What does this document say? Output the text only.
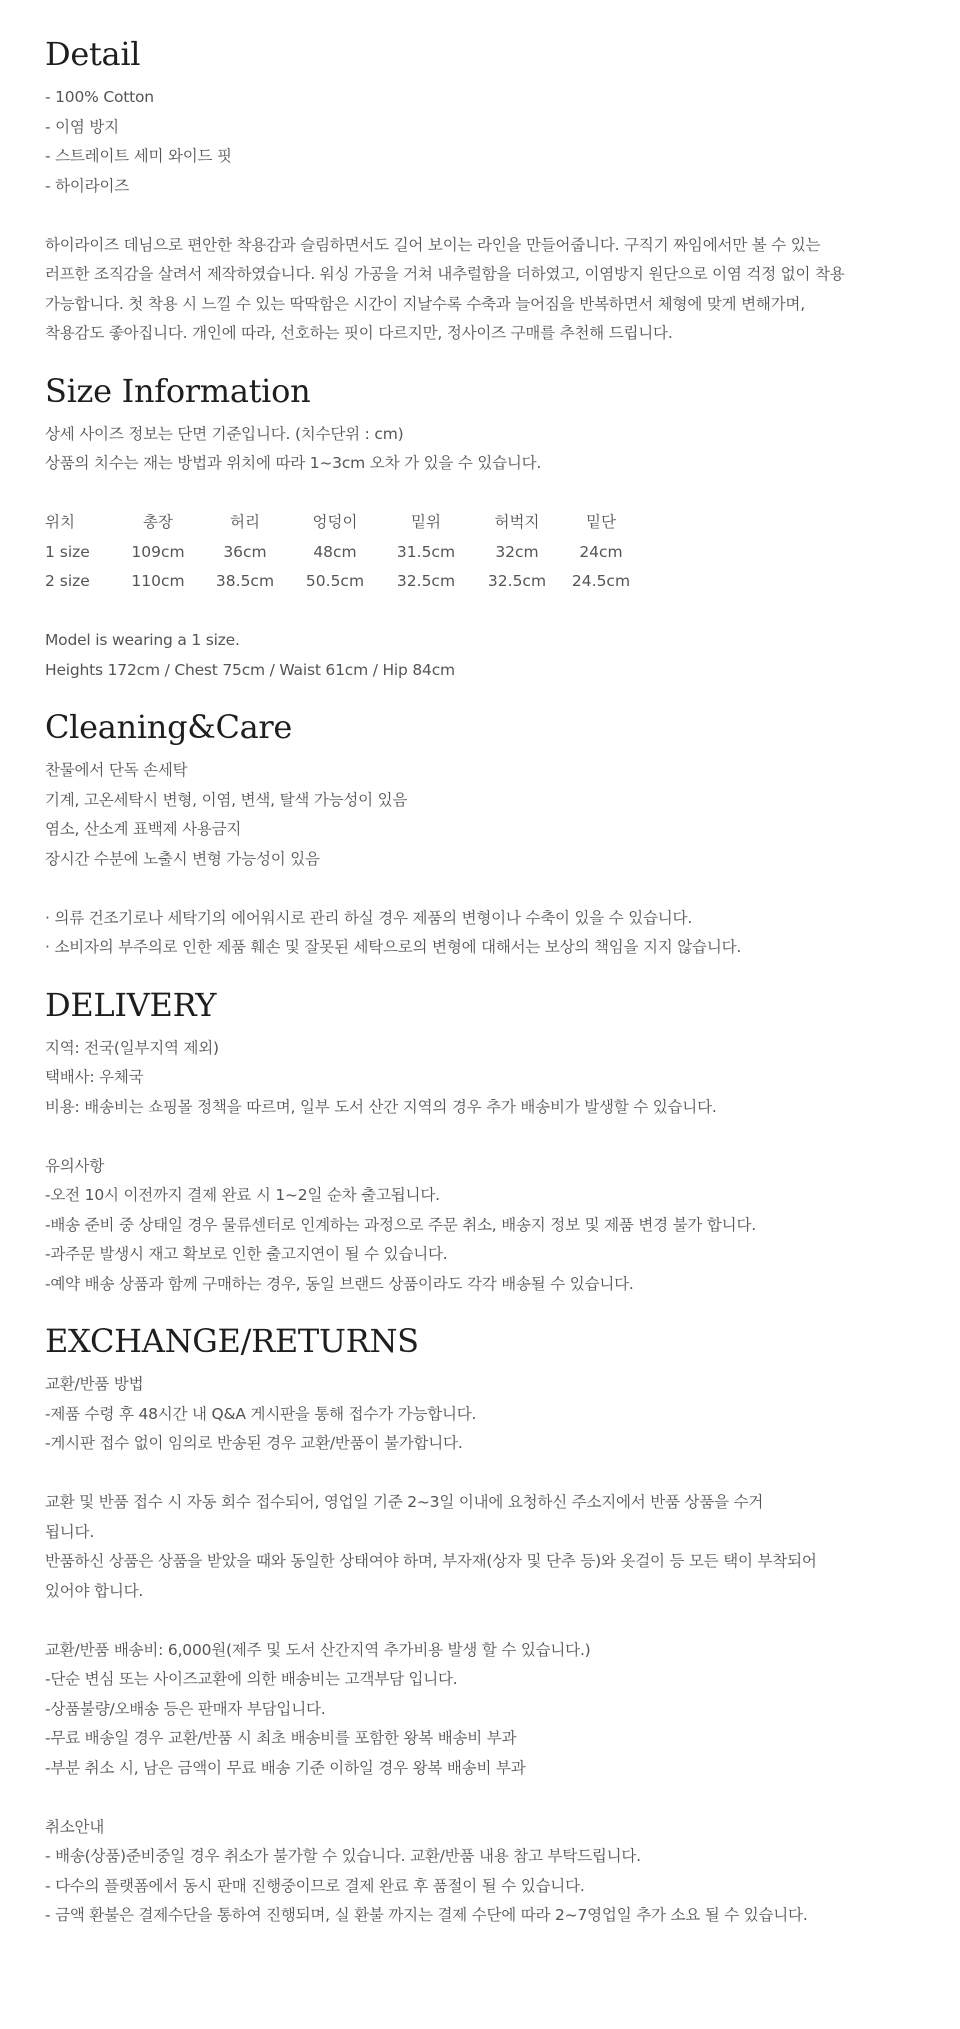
Detail
- 100% Cotton
- 이염 방지
- 스트레이트 세미 와이드 핏
- 하이라이즈
하이라이즈 데님으로 편안한 착용감과 슬림하면서도 길어 보이는 라인을 만들어줍니다. 구직기 짜임에서만 볼 수 있는
러프한 조직감을 살려서 제작하였습니다. 워싱 가공을 거쳐 내추럴함을 더하였고, 이염방지 원단으로 이염 걱정 없이 착용
가능합니다. 첫 착용 시 느낄 수 있는 딱딱함은 시간이 지날수록 수축과 늘어짐을 반복하면서 체형에 맞게 변해가며,
착용감도 좋아집니다. 개인에 따라, 선호하는 핏이 다르지만, 정사이즈 구매를 추천해 드립니다.
Size Information
상세 사이즈 정보는 단면 기준입니다. (치수단위 : cm)
상품의 치수는 재는 방법과 위치에 따라 1~3cm 오차 가 있을 수 있습니다.
위치	총장	허리	엉덩이	밑위	허벅지	밑단
1 size	109cm	36cm	48cm	31.5cm	32cm	24cm
2 size	110cm	38.5cm	50.5cm	32.5cm	32.5cm	24.5cm
Model is wearing a 1 size.
Heights 172cm / Chest 75cm / Waist 61cm / Hip 84cm
Cleaning&Care
찬물에서 단독 손세탁
기계, 고온세탁시 변형, 이염, 변색, 탈색 가능성이 있음
염소, 산소계 표백제 사용금지
장시간 수분에 노출시 변형 가능성이 있음
· 의류 건조기로나 세탁기의 에어워시로 관리 하실 경우 제품의 변형이나 수축이 있을 수 있습니다.
· 소비자의 부주의로 인한 제품 훼손 및 잘못된 세탁으로의 변형에 대해서는 보상의 책임을 지지 않습니다.
DELIVERY
지역: 전국(일부지역 제외)
택배사: 우체국
비용: 배송비는 쇼핑몰 정책을 따르며, 일부 도서 산간 지역의 경우 추가 배송비가 발생할 수 있습니다.
유의사항
-오전 10시 이전까지 결제 완료 시 1~2일 순차 출고됩니다.
-배송 준비 중 상태일 경우 물류센터로 인계하는 과정으로 주문 취소, 배송지 정보 및 제품 변경 불가 합니다.
-과주문 발생시 재고 확보로 인한 출고지연이 될 수 있습니다.
-예약 배송 상품과 함께 구매하는 경우, 동일 브랜드 상품이라도 각각 배송될 수 있습니다.
EXCHANGE/RETURNS
교환/반품 방법
-제품 수령 후 48시간 내 Q&A 게시판을 통해 접수가 가능합니다.
-게시판 접수 없이 임의로 반송된 경우 교환/반품이 불가합니다.
교환 및 반품 접수 시 자동 회수 접수되어, 영업일 기준 2~3일 이내에 요청하신 주소지에서 반품 상품을 수거
됩니다.
반품하신 상품은 상품을 받았을 때와 동일한 상태여야 하며, 부자재(상자 및 단추 등)와 옷걸이 등 모든 택이 부착되어
있어야 합니다.
교환/반품 배송비: 6,000원(제주 및 도서 산간지역 추가비용 발생 할 수 있습니다.)
-단순 변심 또는 사이즈교환에 의한 배송비는 고객부담 입니다.
-상품불량/오배송 등은 판매자 부담입니다.
-무료 배송일 경우 교환/반품 시 최초 배송비를 포함한 왕복 배송비 부과
-부분 취소 시, 남은 금액이 무료 배송 기준 이하일 경우 왕복 배송비 부과
취소안내
- 배송(상품)준비중일 경우 취소가 불가할 수 있습니다. 교환/반품 내용 참고 부탁드립니다.
- 다수의 플랫폼에서 동시 판매 진행중이므로 결제 완료 후 품절이 될 수 있습니다.
- 금액 환불은 결제수단을 통하여 진행되며, 실 환불 까지는 결제 수단에 따라 2~7영업일 추가 소요 될 수 있습니다.
